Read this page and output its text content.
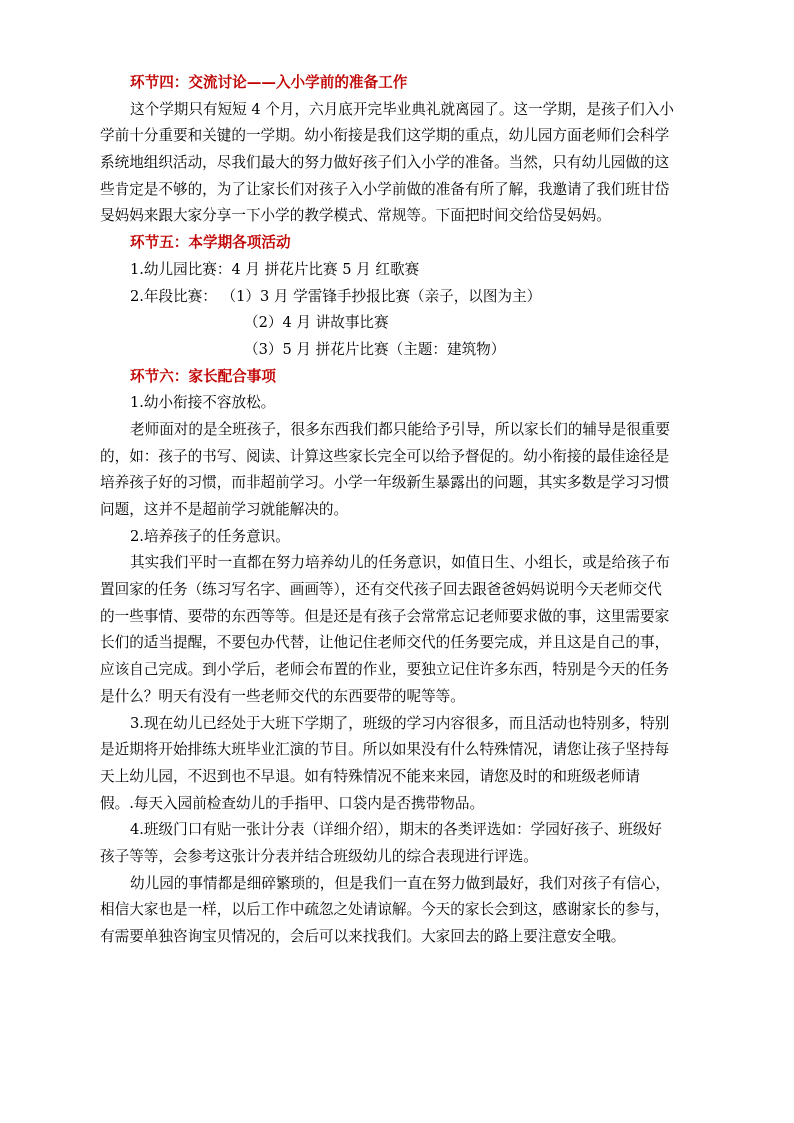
环节四：交流讨论——入小学前的准备工作
这个学期只有短短 4 个月，六月底开完毕业典礼就离园了。这一学期，是孩子们入小
学前十分重要和关键的一学期。幼小衔接是我们这学期的重点，幼儿园方面老师们会科学
系统地组织活动，尽我们最大的努力做好孩子们入小学的准备。当然，只有幼儿园做的这
些肯定是不够的，为了让家长们对孩子入小学前做的准备有所了解，我邀请了我们班甘岱
旻妈妈来跟大家分享一下小学的教学模式、常规等。下面把时间交给岱旻妈妈。
环节五：本学期各项活动
1.幼儿园比赛：4 月 拼花片比赛 5 月 红歌赛
2.年段比赛： （1）3 月 学雷锋手抄报比赛（亲子，以图为主）
（2）4 月 讲故事比赛
（3）5 月 拼花片比赛（主题：建筑物）
环节六：家长配合事项
1.幼小衔接不容放松。
老师面对的是全班孩子，很多东西我们都只能给予引导，所以家长们的辅导是很重要
的，如：孩子的书写、阅读、计算这些家长完全可以给予督促的。幼小衔接的最佳途径是
培养孩子好的习惯，而非超前学习。小学一年级新生暴露出的问题，其实多数是学习习惯
问题，这并不是超前学习就能解决的。
2.培养孩子的任务意识。
其实我们平时一直都在努力培养幼儿的任务意识，如值日生、小组长，或是给孩子布
置回家的任务（练习写名字、画画等），还有交代孩子回去跟爸爸妈妈说明今天老师交代
的一些事情、要带的东西等等。但是还是有孩子会常常忘记老师要求做的事，这里需要家
长们的适当提醒，不要包办代替，让他记住老师交代的任务要完成，并且这是自己的事，
应该自己完成。到小学后，老师会布置的作业，要独立记住许多东西，特别是今天的任务
是什么？明天有没有一些老师交代的东西要带的呢等等。
3.现在幼儿已经处于大班下学期了，班级的学习内容很多，而且活动也特别多，特别
是近期将开始排练大班毕业汇演的节目。所以如果没有什么特殊情况，请您让孩子坚持每
天上幼儿园，不迟到也不早退。如有特殊情况不能来来园，请您及时的和班级老师请
假。.每天入园前检查幼儿的手指甲、口袋内是否携带物品。
4.班级门口有贴一张计分表（详细介绍），期末的各类评选如：学园好孩子、班级好
孩子等等，会参考这张计分表并结合班级幼儿的综合表现进行评选。
幼儿园的事情都是细碎繁琐的，但是我们一直在努力做到最好，我们对孩子有信心，
相信大家也是一样，以后工作中疏忽之处请谅解。今天的家长会到这，感谢家长的参与，
有需要单独咨询宝贝情况的，会后可以来找我们。大家回去的路上要注意安全哦。
